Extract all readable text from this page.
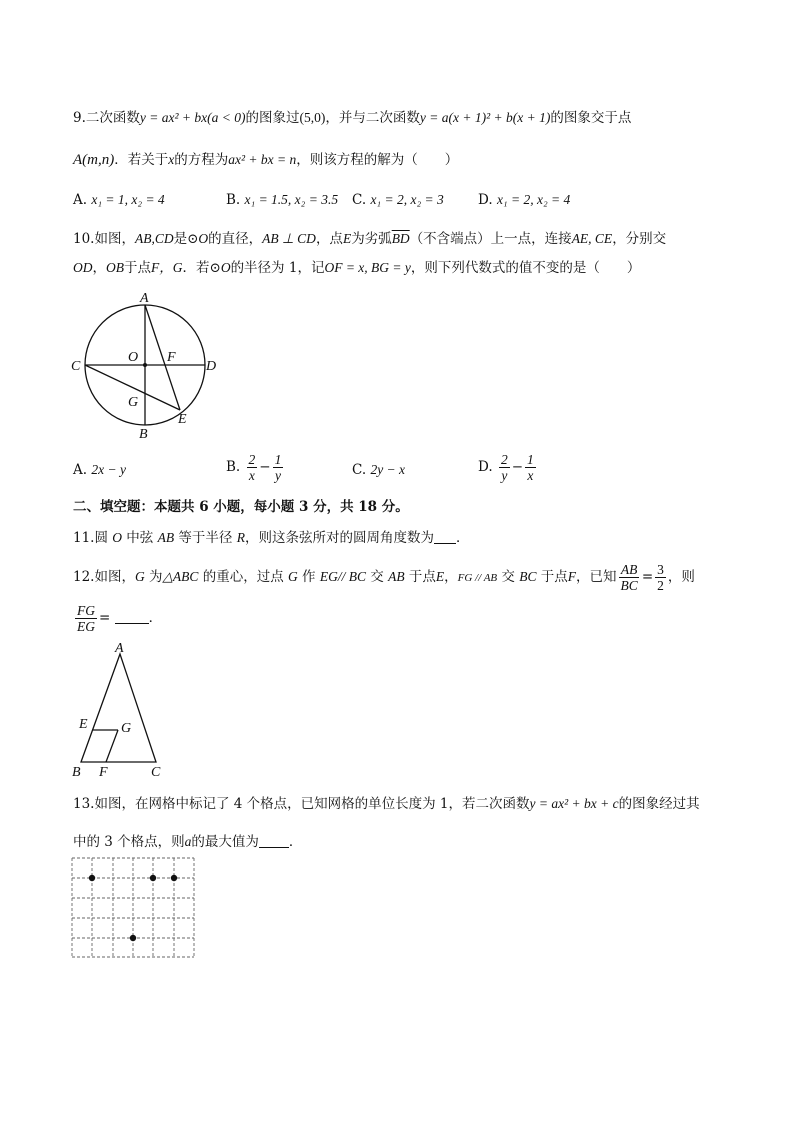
9.二次函数y = ax² + bx(a < 0)的图象过(5,0)，并与二次函数y = a(x + 1)² + b(x + 1)的图象交于点
A(m,n)．若关于x的方程为ax² + bx = n，则该方程的解为（　　）
A. x₁ = 1, x₂ = 4	B. x₁ = 1.5, x₂ = 3.5 C. x₁ = 2, x₂ = 3	D. x₁ = 2, x₂ = 4
10.如图，AB,CD是⊙O的直径，AB ⊥ CD，点E为劣弧$\overline{BD}$（不含端点）上一点，连接AE, CE，分别交
OD，OB于点F，G．若⊙O的半径为 1，记OF = x, BG = y，则下列代数式的值不变的是（　　）
A
B
C	D
O F
G
E
A. 2x − y	B. $\frac{2}{x} - \frac{1}{y}$	C. 2y − x	D. $\frac{2}{y} - \frac{1}{x}$
二、填空题：本题共 6 小题，每小题 3 分，共 18 分。
11.圆 O 中弦 AB 等于半径 R，则这条弦所对的圆周角度数为 ．
12.如图，G 为△ABC 的重心，过点 G 作 EG// BC 交 AB 于点E，FG // AB 交 BC 于点F，已知 $\frac{AB}{BC} = \frac{3}{2}$ ，则
$\frac{FG}{EG}$ =	．
A
E G
B F	C
13.如图，在网格中标记了 4 个格点，已知网格的单位长度为 1，若二次函数y = ax² + bx + c的图象经过其
中的 3 个格点，则a的最大值为 ．
